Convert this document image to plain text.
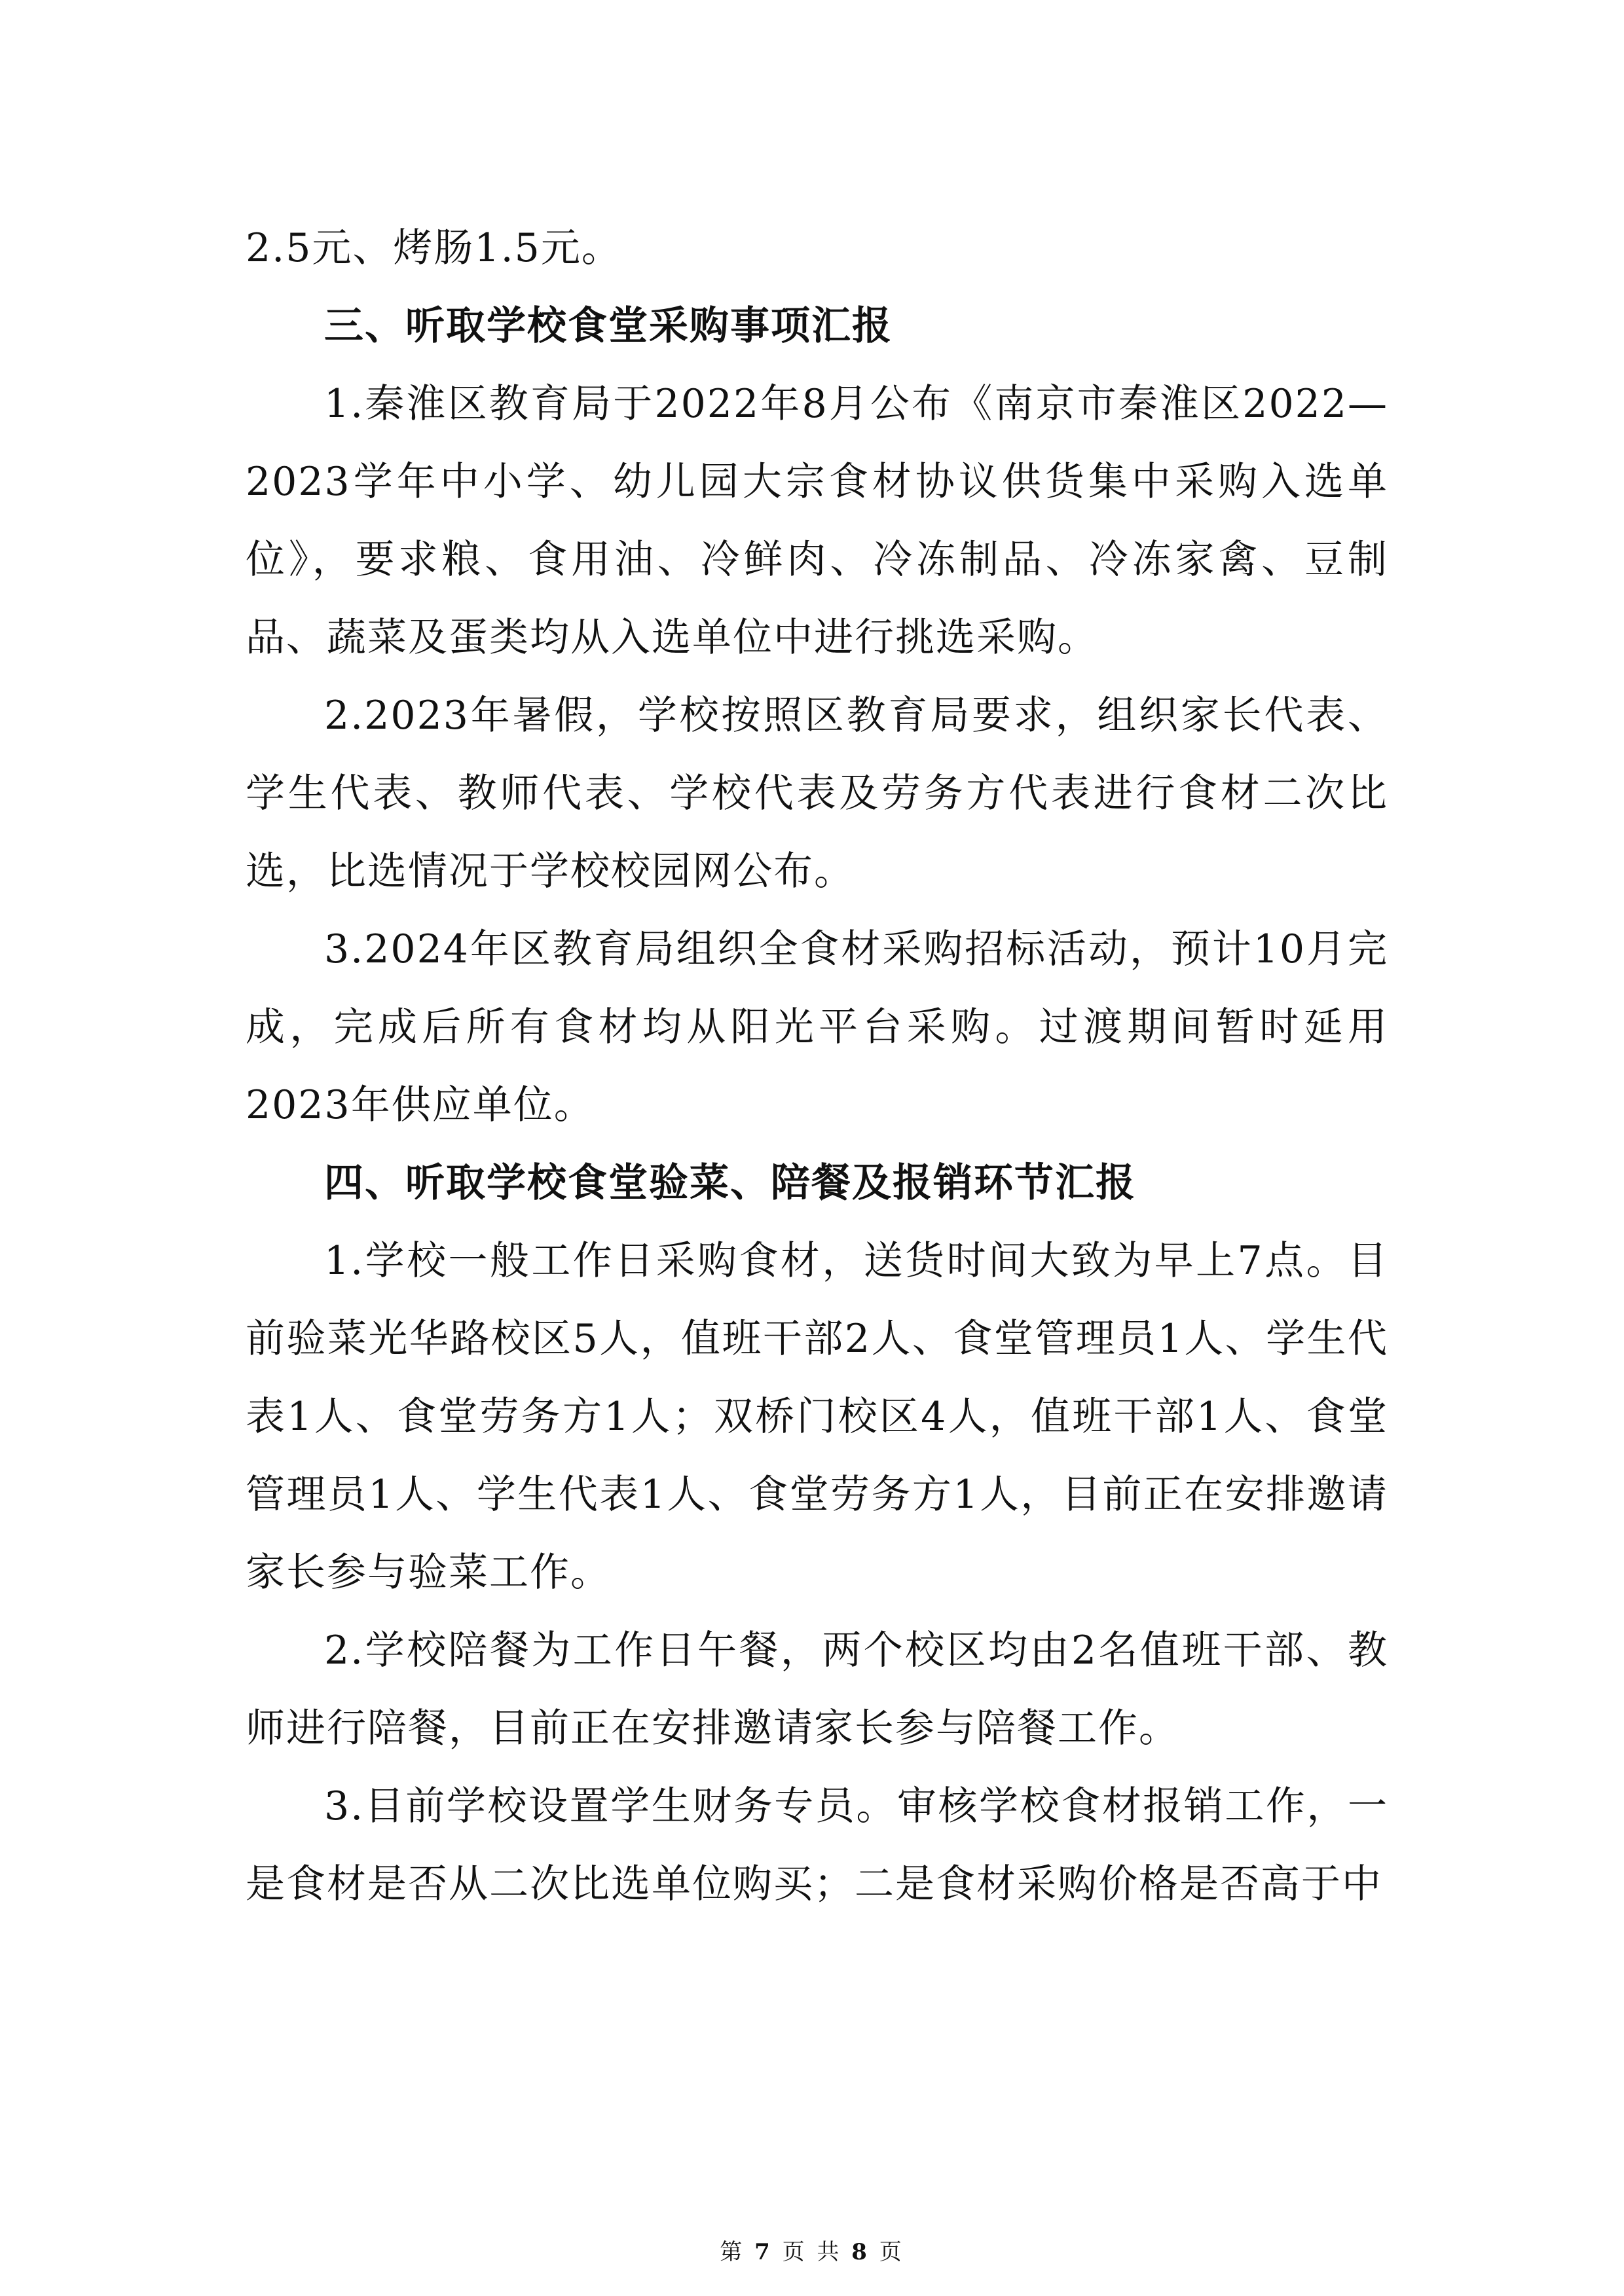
2.5元、烤肠1.5元。

三、听取学校食堂采购事项汇报

1.秦淮区教育局于2022年8月公布《南京市秦淮区2022—2023学年中小学、幼儿园大宗食材协议供货集中采购入选单位》，要求粮、食用油、冷鲜肉、冷冻制品、冷冻家禽、豆制品、蔬菜及蛋类均从入选单位中进行挑选采购。

2.2023年暑假，学校按照区教育局要求，组织家长代表、学生代表、教师代表、学校代表及劳务方代表进行食材二次比选，比选情况于学校校园网公布。

3.2024年区教育局组织全食材采购招标活动，预计10月完成，完成后所有食材均从阳光平台采购。过渡期间暂时延用2023年供应单位。

四、听取学校食堂验菜、陪餐及报销环节汇报

1.学校一般工作日采购食材，送货时间大致为早上7点。目前验菜光华路校区5人，值班干部2人、食堂管理员1人、学生代表1人、食堂劳务方1人；双桥门校区4人，值班干部1人、食堂管理员1人、学生代表1人、食堂劳务方1人，目前正在安排邀请家长参与验菜工作。

2.学校陪餐为工作日午餐，两个校区均由2名值班干部、教师进行陪餐，目前正在安排邀请家长参与陪餐工作。

3.目前学校设置学生财务专员。审核学校食材报销工作，一是食材是否从二次比选单位购买；二是食材采购价格是否高于中

第 7 页 共 8 页
